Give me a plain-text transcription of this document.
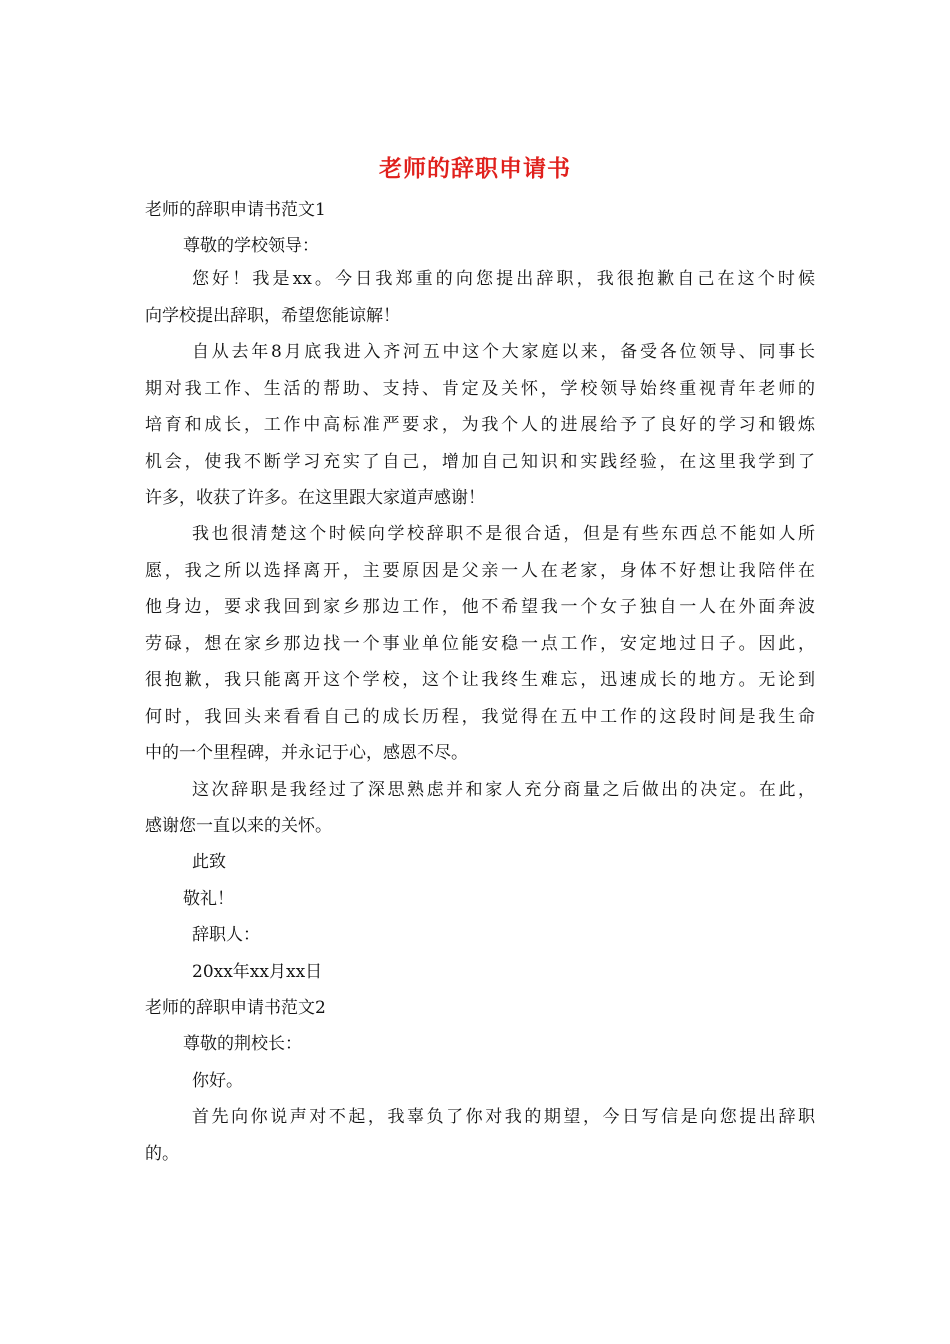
老师的辞职申请书
老师的辞职申请书范文1
尊敬的学校领导：
您好！我是xx。今日我郑重的向您提出辞职，我很抱歉自己在这个时候
向学校提出辞职，希望您能谅解！
自从去年8月底我进入齐河五中这个大家庭以来，备受各位领导、同事长
期对我工作、生活的帮助、支持、肯定及关怀，学校领导始终重视青年老师的
培育和成长，工作中高标准严要求，为我个人的进展给予了良好的学习和锻炼
机会，使我不断学习充实了自己，增加自己知识和实践经验，在这里我学到了
许多，收获了许多。在这里跟大家道声感谢！
我也很清楚这个时候向学校辞职不是很合适，但是有些东西总不能如人所
愿，我之所以选择离开，主要原因是父亲一人在老家，身体不好想让我陪伴在
他身边，要求我回到家乡那边工作，他不希望我一个女子独自一人在外面奔波
劳碌，想在家乡那边找一个事业单位能安稳一点工作，安定地过日子。因此，
很抱歉，我只能离开这个学校，这个让我终生难忘，迅速成长的地方。无论到
何时，我回头来看看自己的成长历程，我觉得在五中工作的这段时间是我生命
中的一个里程碑，并永记于心，感恩不尽。
这次辞职是我经过了深思熟虑并和家人充分商量之后做出的决定。在此，
感谢您一直以来的关怀。
此致
敬礼！
辞职人：
20xx年xx月xx日
老师的辞职申请书范文2
尊敬的荆校长：
你好。
首先向你说声对不起，我辜负了你对我的期望，今日写信是向您提出辞职
的。
